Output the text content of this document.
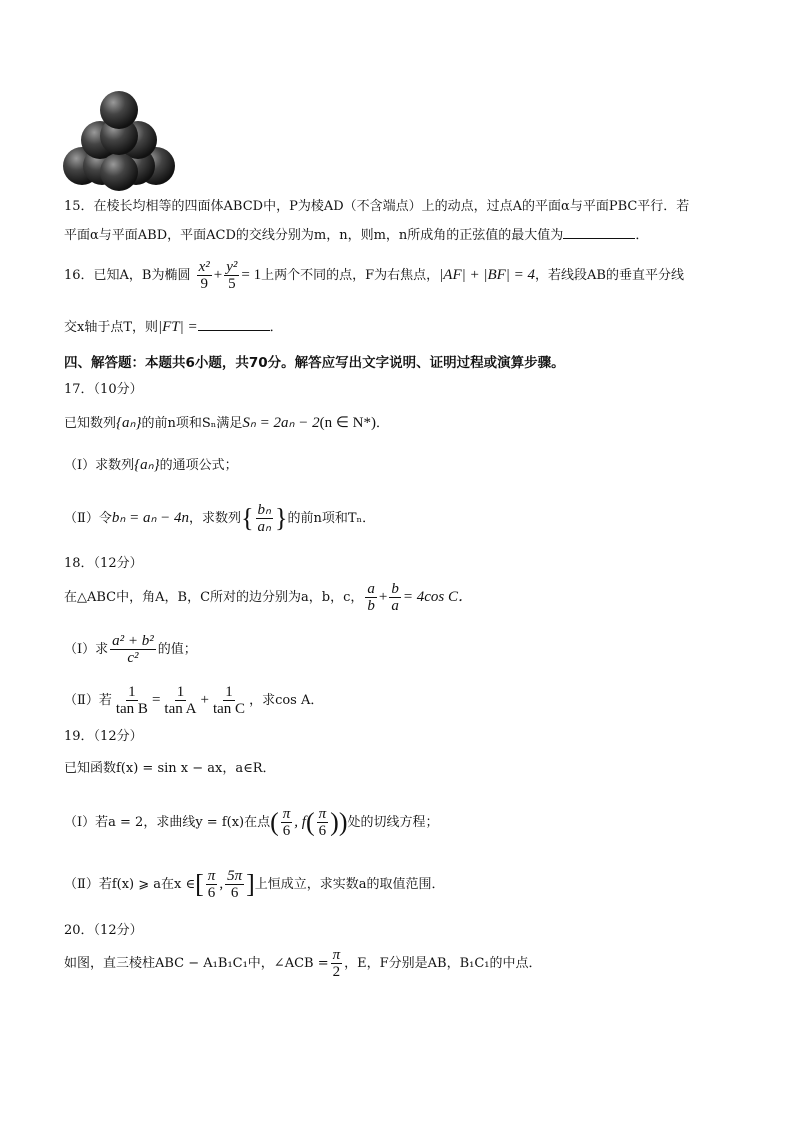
15．在棱长均相等的四面体ABCD中，P为棱AD（不含端点）上的动点，过点A的平面α与平面PBC平行．若
平面α与平面ABD，平面ACD的交线分别为m，n，则m，n所成角的正弦值的最大值为	．
16．已知A，B为椭圆 $\frac{\text{x²}}{9} + \frac{\text{y²}}{5} = 1$上两个不同的点，F为右焦点，|AF| + |BF| = 4，若线段AB的垂直平分线
交x轴于点T，则|FT| =	．
四、解答题：本题共6小题，共70分。解答应写出文字说明、证明过程或演算步骤。
17．（10分）
已知数列{aₙ}的前n项和Sₙ满足Sₙ = 2aₙ − 2(n ∈ N*)．
（Ⅰ）求数列{aₙ}的通项公式；
（Ⅱ）令bₙ = aₙ − 4n，求数列{ $\frac{\text{bₙ}}{\text{aₙ}}$ }的前n项和Tₙ．
18．（12分）
在△ABC中，角A，B，C所对的边分别为a，b，c， $\frac{a}{b} + \frac{b}{a} = 4\cos$ C．
（Ⅰ）求 $\frac{\text{a² + b²}}{\text{c²}}$ 的值；
（Ⅱ）若 $\frac{1}{\text{tan B}} = \frac{1}{\text{tan A}} + \frac{1}{\text{tan C}}$ ，求cos A．
19．（12分）
已知函数f(x) = sin x − ax，a∈R．
（Ⅰ）若a = 2，求曲线y = f(x)在点( $\frac{\pi}{6}$ , $f( \frac{\pi}{6}$ ))处的切线方程；
（Ⅱ）若f(x) ⩾ a在x ∈[ $\frac{\pi}{6}$ , $\frac{5\pi}{6}$ ]上恒成立，求实数a的取值范围．
20．（12分）
如图，直三棱柱ABC − A₁B₁C₁中，∠ACB = $\frac{\pi}{2}$ ，E，F分别是AB，B₁C₁的中点．
